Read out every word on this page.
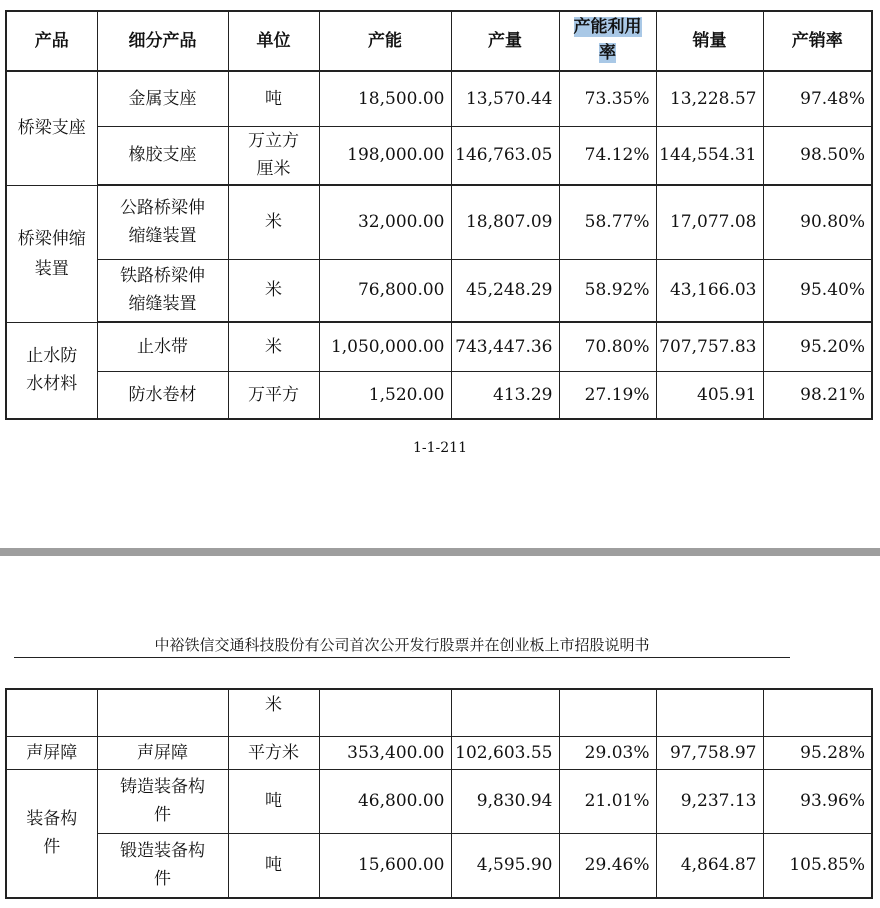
产品	细分产品	单位	产能	产量	产能利用率	销量	产销率
桥梁支座	金属支座	吨	18,500.00	13,570.44	73.35%	13,228.57	97.48%
	橡胶支座	万立方厘米	198,000.00	146,763.05	74.12%	144,554.31	98.50%
桥梁伸缩装置	公路桥梁伸缩缝装置	米	32,000.00	18,807.09	58.77%	17,077.08	90.80%
	铁路桥梁伸缩缝装置	米	76,800.00	45,248.29	58.92%	43,166.03	95.40%
止水防水材料	止水带	米	1,050,000.00	743,447.36	70.80%	707,757.83	95.20%
	防水卷材	万平方	1,520.00	413.29	27.19%	405.91	98.21%
1-1-211
中裕铁信交通科技股份有公司首次公开发行股票并在创业板上市招股说明书
		米					
声屏障	声屏障	平方米	353,400.00	102,603.55	29.03%	97,758.97	95.28%
装备构件	铸造装备构件	吨	46,800.00	9,830.94	21.01%	9,237.13	93.96%
	锻造装备构件	吨	15,600.00	4,595.90	29.46%	4,864.87	105.85%
